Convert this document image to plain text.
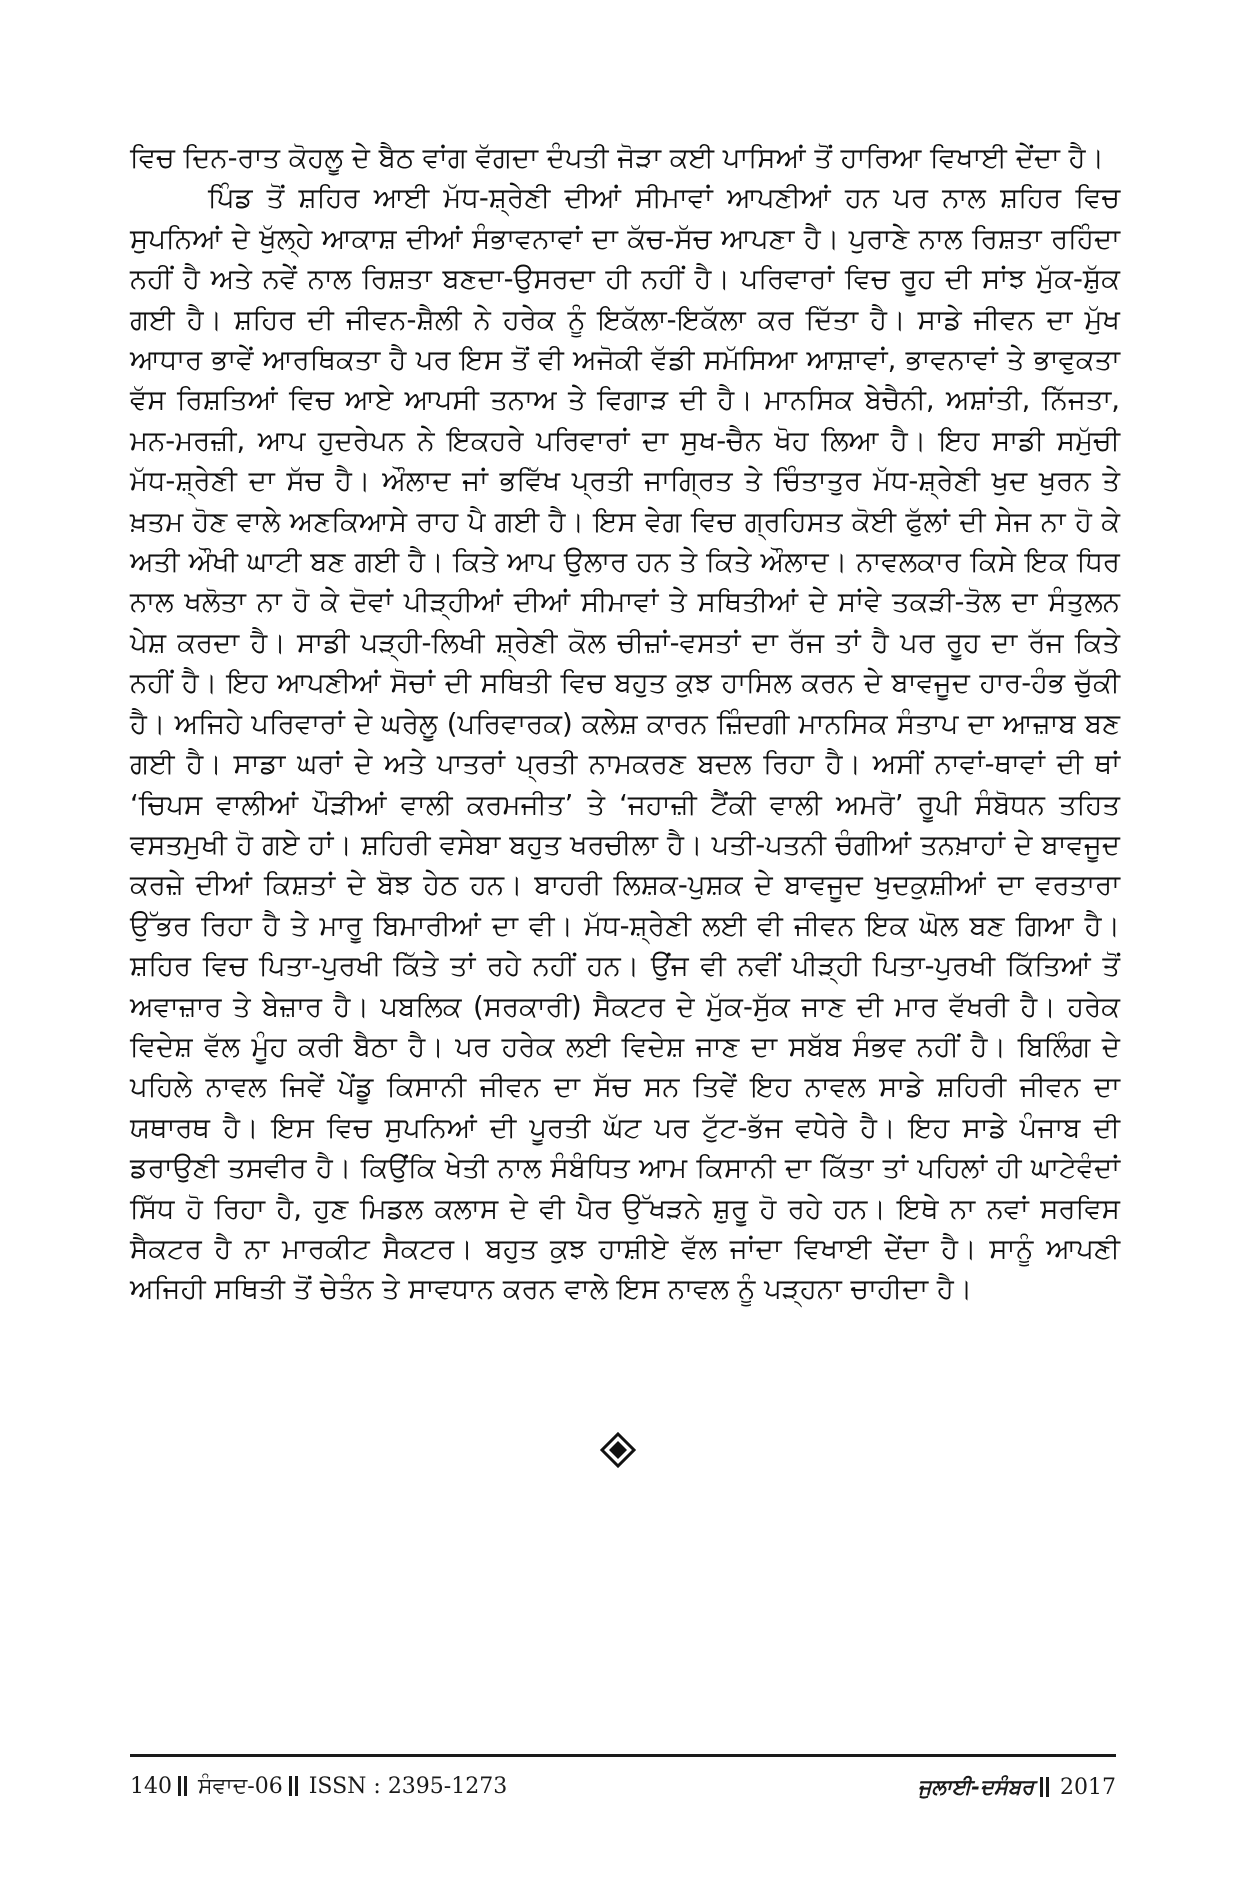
ਵਿਚ ਦਿਨ-ਰਾਤ ਕੋਹਲੂ ਦੇ ਬੈਠ ਵਾਂਗ ਵੱਗਦਾ ਦੰਪਤੀ ਜੋੜਾ ਕਈ ਪਾਸਿਆਂ ਤੋਂ ਹਾਰਿਆ ਵਿਖਾਈ ਦੇਂਦਾ ਹੈ।

ਪਿੰਡ ਤੋਂ ਸ਼ਹਿਰ ਆਈ ਮੱਧ-ਸ਼੍ਰੇਣੀ ਦੀਆਂ ਸੀਮਾਵਾਂ ਆਪਣੀਆਂ ਹਨ ਪਰ ਨਾਲ ਸ਼ਹਿਰ ਵਿਚ ਸੁਪਨਿਆਂ ਦੇ ਖੁੱਲ੍ਹੇ ਆਕਾਸ਼ ਦੀਆਂ ਸੰਭਾਵਨਾਵਾਂ ਦਾ ਕੱਚ-ਸੱਚ ਆਪਣਾ ਹੈ। ਪੁਰਾਣੇ ਨਾਲ ਰਿਸ਼ਤਾ ਰਹਿੰਦਾ ਨਹੀਂ ਹੈ ਅਤੇ ਨਵੇਂ ਨਾਲ ਰਿਸ਼ਤਾ ਬਣਦਾ-ਉਸਰਦਾ ਹੀ ਨਹੀਂ ਹੈ। ਪਰਿਵਾਰਾਂ ਵਿਚ ਰੂਹ ਦੀ ਸਾਂਝ ਮੁੱਕ-ਸ਼ੁੱਕ ਗਈ ਹੈ। ਸ਼ਹਿਰ ਦੀ ਜੀਵਨ-ਸ਼ੈਲੀ ਨੇ ਹਰੇਕ ਨੂੰ ਇਕੱਲਾ-ਇਕੱਲਾ ਕਰ ਦਿੱਤਾ ਹੈ। ਸਾਡੇ ਜੀਵਨ ਦਾ ਮੁੱਖ ਆਧਾਰ ਭਾਵੇਂ ਆਰਥਿਕਤਾ ਹੈ ਪਰ ਇਸ ਤੋਂ ਵੀ ਅਜੋਕੀ ਵੱਡੀ ਸਮੱਸਿਆ ਆਸ਼ਾਵਾਂ, ਭਾਵਨਾਵਾਂ ਤੇ ਭਾਵੁਕਤਾ ਵੱਸ ਰਿਸ਼ਤਿਆਂ ਵਿਚ ਆਏ ਆਪਸੀ ਤਨਾਅ ਤੇ ਵਿਗਾੜ ਦੀ ਹੈ। ਮਾਨਸਿਕ ਬੇਚੈਨੀ, ਅਸ਼ਾਂਤੀ, ਨਿੱਜਤਾ, ਮਨ-ਮਰਜ਼ੀ, ਆਪ ਹੁਦਰੇਪਨ ਨੇ ਇਕਹਰੇ ਪਰਿਵਾਰਾਂ ਦਾ ਸੁਖ-ਚੈਨ ਖੋਹ ਲਿਆ ਹੈ। ਇਹ ਸਾਡੀ ਸਮੁੱਚੀ ਮੱਧ-ਸ਼੍ਰੇਣੀ ਦਾ ਸੱਚ ਹੈ। ਔਲਾਦ ਜਾਂ ਭਵਿੱਖ ਪ੍ਰਤੀ ਜਾਗ੍ਰਿਤ ਤੇ ਚਿੰਤਾਤੁਰ ਮੱਧ-ਸ਼੍ਰੇਣੀ ਖੁਦ ਖੁਰਨ ਤੇ ਖ਼ਤਮ ਹੋਣ ਵਾਲੇ ਅਣਕਿਆਸੇ ਰਾਹ ਪੈ ਗਈ ਹੈ। ਇਸ ਵੇਗ ਵਿਚ ਗ੍ਰਹਿਸਤ ਕੋਈ ਫੁੱਲਾਂ ਦੀ ਸੇਜ ਨਾ ਹੋ ਕੇ ਅਤੀ ਔਖੀ ਘਾਟੀ ਬਣ ਗਈ ਹੈ। ਕਿਤੇ ਆਪ ਉਲਾਰ ਹਨ ਤੇ ਕਿਤੇ ਔਲਾਦ। ਨਾਵਲਕਾਰ ਕਿਸੇ ਇਕ ਧਿਰ ਨਾਲ ਖਲੋਤਾ ਨਾ ਹੋ ਕੇ ਦੋਵਾਂ ਪੀੜ੍ਹੀਆਂ ਦੀਆਂ ਸੀਮਾਵਾਂ ਤੇ ਸਥਿਤੀਆਂ ਦੇ ਸਾਂਵੇ ਤਕੜੀ-ਤੋਲ ਦਾ ਸੰਤੁਲਨ ਪੇਸ਼ ਕਰਦਾ ਹੈ। ਸਾਡੀ ਪੜ੍ਹੀ-ਲਿਖੀ ਸ਼੍ਰੇਣੀ ਕੋਲ ਚੀਜ਼ਾਂ-ਵਸਤਾਂ ਦਾ ਰੱਜ ਤਾਂ ਹੈ ਪਰ ਰੂਹ ਦਾ ਰੱਜ ਕਿਤੇ ਨਹੀਂ ਹੈ। ਇਹ ਆਪਣੀਆਂ ਸੋਚਾਂ ਦੀ ਸਥਿਤੀ ਵਿਚ ਬਹੁਤ ਕੁਝ ਹਾਸਿਲ ਕਰਨ ਦੇ ਬਾਵਜੂਦ ਹਾਰ-ਹੰਭ ਚੁੱਕੀ ਹੈ। ਅਜਿਹੇ ਪਰਿਵਾਰਾਂ ਦੇ ਘਰੇਲੂ (ਪਰਿਵਾਰਕ) ਕਲੇਸ਼ ਕਾਰਨ ਜ਼ਿੰਦਗੀ ਮਾਨਸਿਕ ਸੰਤਾਪ ਦਾ ਆਜ਼ਾਬ ਬਣ ਗਈ ਹੈ। ਸਾਡਾ ਘਰਾਂ ਦੇ ਅਤੇ ਪਾਤਰਾਂ ਪ੍ਰਤੀ ਨਾਮਕਰਣ ਬਦਲ ਰਿਹਾ ਹੈ। ਅਸੀਂ ਨਾਵਾਂ-ਥਾਵਾਂ ਦੀ ਥਾਂ ‘ਚਿਪਸ ਵਾਲੀਆਂ ਪੌੜੀਆਂ ਵਾਲੀ ਕਰਮਜੀਤ’ ਤੇ ‘ਜਹਾਜ਼ੀ ਟੈਂਕੀ ਵਾਲੀ ਅਮਰੋ’ ਰੂਪੀ ਸੰਬੋਧਨ ਤਹਿਤ ਵਸਤਮੁਖੀ ਹੋ ਗਏ ਹਾਂ। ਸ਼ਹਿਰੀ ਵਸੇਬਾ ਬਹੁਤ ਖਰਚੀਲਾ ਹੈ। ਪਤੀ-ਪਤਨੀ ਚੰਗੀਆਂ ਤਨਖ਼ਾਹਾਂ ਦੇ ਬਾਵਜੂਦ ਕਰਜ਼ੇ ਦੀਆਂ ਕਿਸ਼ਤਾਂ ਦੇ ਬੋਝ ਹੇਠ ਹਨ। ਬਾਹਰੀ ਲਿਸ਼ਕ-ਪੁਸ਼ਕ ਦੇ ਬਾਵਜੂਦ ਖੁਦਕੁਸ਼ੀਆਂ ਦਾ ਵਰਤਾਰਾ ਉੱਭਰ ਰਿਹਾ ਹੈ ਤੇ ਮਾਰੂ ਬਿਮਾਰੀਆਂ ਦਾ ਵੀ। ਮੱਧ-ਸ਼੍ਰੇਣੀ ਲਈ ਵੀ ਜੀਵਨ ਇਕ ਘੋਲ ਬਣ ਗਿਆ ਹੈ। ਸ਼ਹਿਰ ਵਿਚ ਪਿਤਾ-ਪੁਰਖੀ ਕਿੱਤੇ ਤਾਂ ਰਹੇ ਨਹੀਂ ਹਨ। ਉਂਜ ਵੀ ਨਵੀਂ ਪੀੜ੍ਹੀ ਪਿਤਾ-ਪੁਰਖੀ ਕਿੱਤਿਆਂ ਤੋਂ ਅਵਾਜ਼ਾਰ ਤੇ ਬੇਜ਼ਾਰ ਹੈ। ਪਬਲਿਕ (ਸਰਕਾਰੀ) ਸੈਕਟਰ ਦੇ ਮੁੱਕ-ਸੁੱਕ ਜਾਣ ਦੀ ਮਾਰ ਵੱਖਰੀ ਹੈ। ਹਰੇਕ ਵਿਦੇਸ਼ ਵੱਲ ਮੂੰਹ ਕਰੀ ਬੈਠਾ ਹੈ। ਪਰ ਹਰੇਕ ਲਈ ਵਿਦੇਸ਼ ਜਾਣ ਦਾ ਸਬੱਬ ਸੰਭਵ ਨਹੀਂ ਹੈ। ਬਿਲਿੰਗ ਦੇ ਪਹਿਲੇ ਨਾਵਲ ਜਿਵੇਂ ਪੇਂਡੂ ਕਿਸਾਨੀ ਜੀਵਨ ਦਾ ਸੱਚ ਸਨ ਤਿਵੇਂ ਇਹ ਨਾਵਲ ਸਾਡੇ ਸ਼ਹਿਰੀ ਜੀਵਨ ਦਾ ਯਥਾਰਥ ਹੈ। ਇਸ ਵਿਚ ਸੁਪਨਿਆਂ ਦੀ ਪੂਰਤੀ ਘੱਟ ਪਰ ਟੁੱਟ-ਭੱਜ ਵਧੇਰੇ ਹੈ। ਇਹ ਸਾਡੇ ਪੰਜਾਬ ਦੀ ਡਰਾਉਣੀ ਤਸਵੀਰ ਹੈ। ਕਿਉਂਕਿ ਖੇਤੀ ਨਾਲ ਸੰਬੰਧਿਤ ਆਮ ਕਿਸਾਨੀ ਦਾ ਕਿੱਤਾ ਤਾਂ ਪਹਿਲਾਂ ਹੀ ਘਾਟੇਵੰਦਾਂ ਸਿੱਧ ਹੋ ਰਿਹਾ ਹੈ, ਹੁਣ ਮਿਡਲ ਕਲਾਸ ਦੇ ਵੀ ਪੈਰ ਉੱਖੜਨੇ ਸ਼ੁਰੂ ਹੋ ਰਹੇ ਹਨ। ਇਥੇ ਨਾ ਨਵਾਂ ਸਰਵਿਸ ਸੈਕਟਰ ਹੈ ਨਾ ਮਾਰਕੀਟ ਸੈਕਟਰ। ਬਹੁਤ ਕੁਝ ਹਾਸ਼ੀਏ ਵੱਲ ਜਾਂਦਾ ਵਿਖਾਈ ਦੇਂਦਾ ਹੈ। ਸਾਨੂੰ ਆਪਣੀ ਅਜਿਹੀ ਸਥਿਤੀ ਤੋਂ ਚੇਤੰਨ ਤੇ ਸਾਵਧਾਨ ਕਰਨ ਵਾਲੇ ਇਸ ਨਾਵਲ ਨੂੰ ਪੜ੍ਹਨਾ ਚਾਹੀਦਾ ਹੈ।

140 ਸੰਵਾਦ-06 ISSN : 2395-1273	ਜੁਲਾਈ-ਦਸੰਬਰ 2017
